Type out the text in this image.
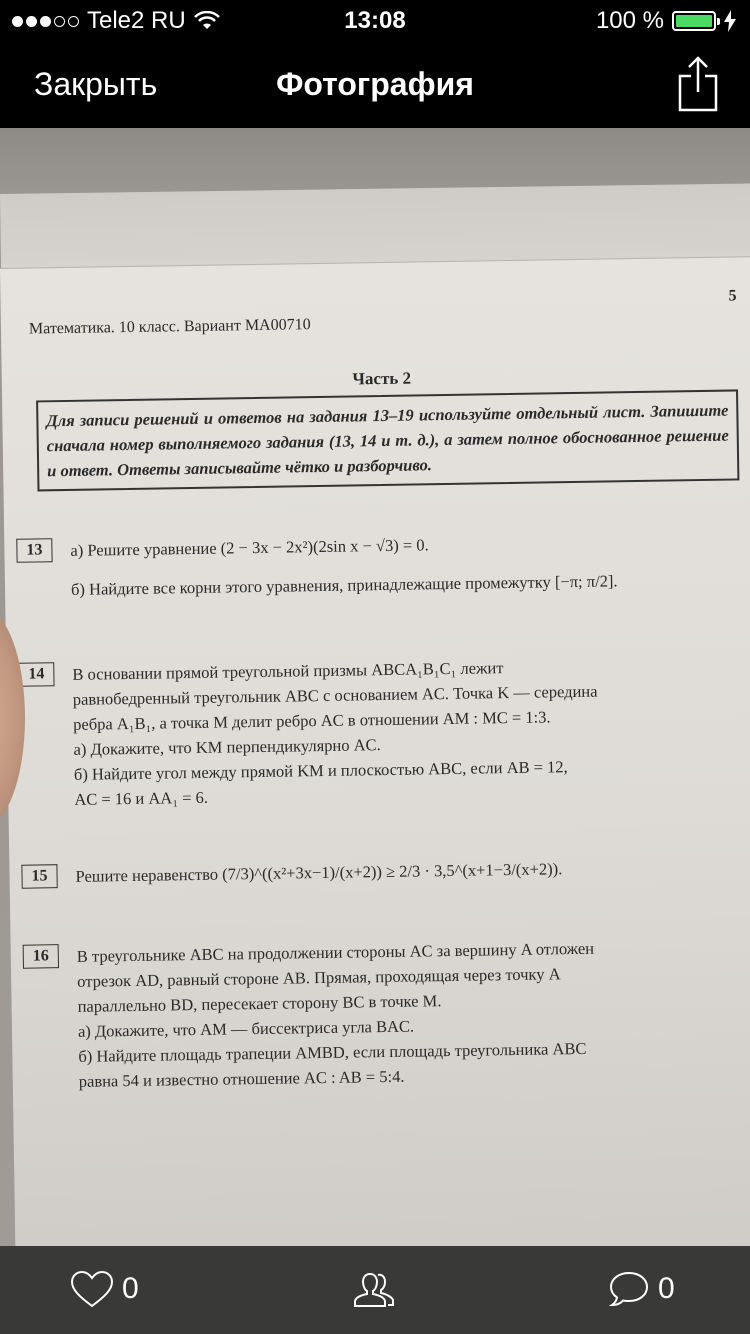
Tele2 RU	13:08	100 %
Закрыть	Фотография
Математика. 10 класс. Вариант МА00710
5
Часть 2
Для записи решений и ответов на задания 13–19 используйте отдельный лист. Запишите сначала номер выполняемого задания (13, 14 и т. д.), а затем полное обоснованное решение и ответ. Ответы записывайте чётко и разборчиво.
13	а) Решите уравнение (2 − 3x − 2x²)(2sin x − √3) = 0.
б) Найдите все корни этого уравнения, принадлежащие промежутку [−π; π/2].
14	В основании прямой треугольной призмы ABCA₁B₁C₁ лежит
равнобедренный треугольник ABC с основанием AC. Точка K — середина
ребра A₁B₁, а точка M делит ребро AC в отношении AM : MC = 1:3.
а) Докажите, что KM перпендикулярно AC.
б) Найдите угол между прямой KM и плоскостью ABC, если AB = 12,
AC = 16 и AA₁ = 6.
15	Решите неравенство (7/3)^((x²+3x−1)/(x+2)) ≥ 2/3 · 3,5^(x+1−3/(x+2)).
16	В треугольнике ABC на продолжении стороны AC за вершину A отложен
отрезок AD, равный стороне AB. Прямая, проходящая через точку A
параллельно BD, пересекает сторону BC в точке M.
а) Докажите, что AM — биссектриса угла BAC.
б) Найдите площадь трапеции AMBD, если площадь треугольника ABC
равна 54 и известно отношение AC : AB = 5:4.
0	0
